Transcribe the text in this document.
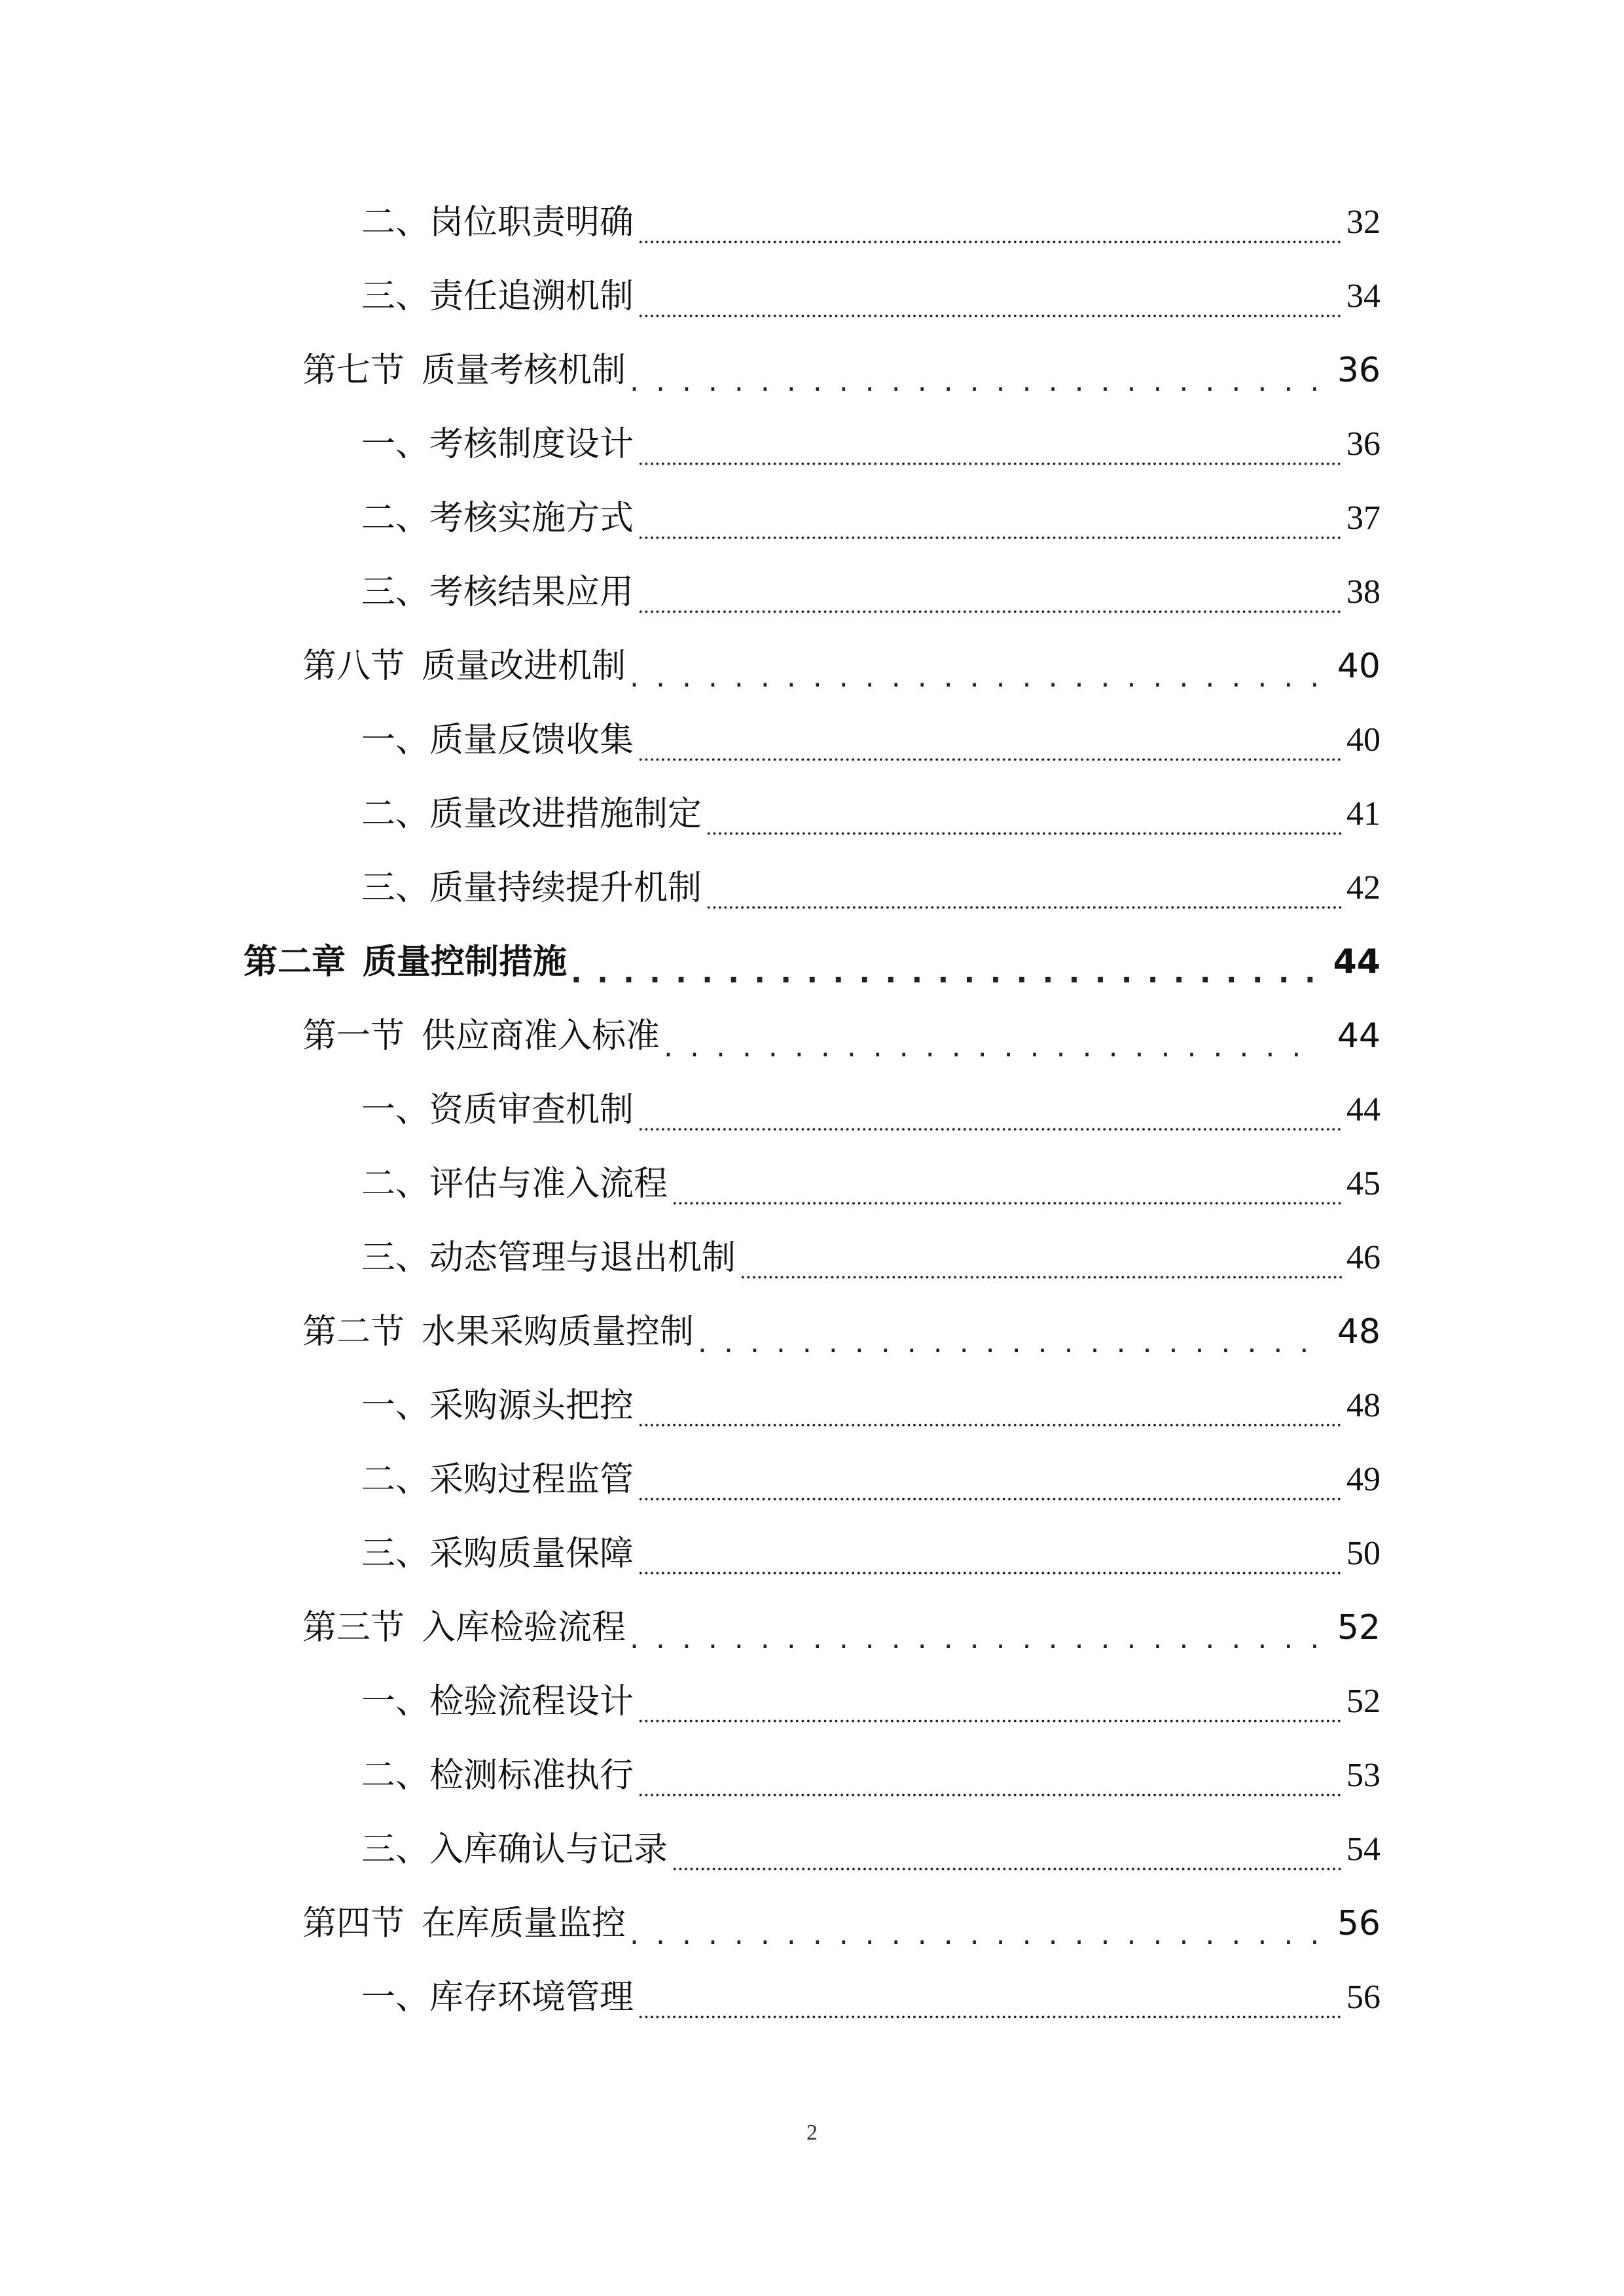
二、 岗位职责明确 .....	32
三、 责任追溯机制 .....	34
第七节 质量考核机制 . . .	36
一、 考核制度设计 .....	36
二、 考核实施方式 .....	37
三、 考核结果应用 .....	38
第八节 质量改进机制 . . .	40
一、 质量反馈收集 .....	40
二、 质量改进措施制定 .....	41
三、 质量持续提升机制 .....	42
第二章 质量控制措施 . . .	44
第一节 供应商准入标准 . . .	44
一、 资质审查机制 .....	44
二、 评估与准入流程 .....	45
三、 动态管理与退出机制 .....	46
第二节 水果采购质量控制 . . .	48
一、 采购源头把控 .....	48
二、 采购过程监管 .....	49
三、 采购质量保障 .....	50
第三节 入库检验流程 . . .	52
一、 检验流程设计 .....	52
二、 检测标准执行 .....	53
三、 入库确认与记录 .....	54
第四节 在库质量监控 . . .	56
一、 库存环境管理 .....	56
2
